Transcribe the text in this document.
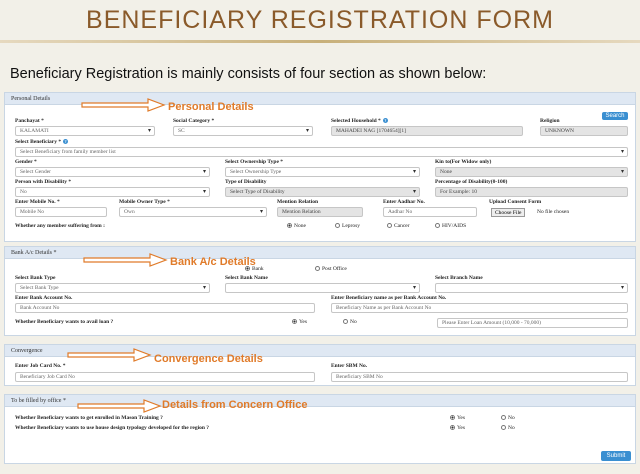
BENEFICIARY REGISTRATION FORM
Beneficiary Registration is mainly consists of four section as shown below:
Personal Details
Search
Panchayat *
KALAMATI ▾
Social Category *
SC ▾
Selected Household * ?
MAHADEI NAG [1704654][1]
Religion
UNKNOWN
Select Beneficiary * ?
Select Beneficiary from family member list ▾
Gender *
Select Gender ▾
Select Ownership Type *
Select Ownership Type ▾
Kin to(For Widow only)
None ▾
Person with Disability *
No ▾
Type of Disability
Select Type of Disability ▾
Percentage of Disability(0-100)
For Example: 10
Enter Mobile No. *
Mobile No
Mobile Owner Type *
Own ▾
Mention Relation
Mention Relation
Enter Aadhar No.
Aadhar No
Upload Consent Form
Choose File	No file chosen
Whether any member suffering from :	None	Leprosy	Cancer	HIV/AIDS
Bank A/c Details *
Bank	Post Office
Select Bank Type
Select Bank Type ▾
Select Bank Name
▾	Select Branch Name
▾
Enter Bank Account No.
Bank Account No
Enter Beneficiary name as per Bank Account No.
Beneficiary Name as per Bank Account No
Whether Beneficiary wants to avail loan ?	Yes	No	Please Enter Loan Amount (10,000 - 70,000)
Convergence
Enter Job Card No. *
Beneficiary Job Card No
Enter SBM No.
Beneficiary SBM No
To be filled by office *
Whether Beneficiary wants to get enrolled in Mason Training ?	Yes	No
Whether Beneficiary wants to use house design typology developed for the region ?	Yes	No
Submit
Personal Details
Bank A/c Details
Convergence Details
Details from Concern Office
